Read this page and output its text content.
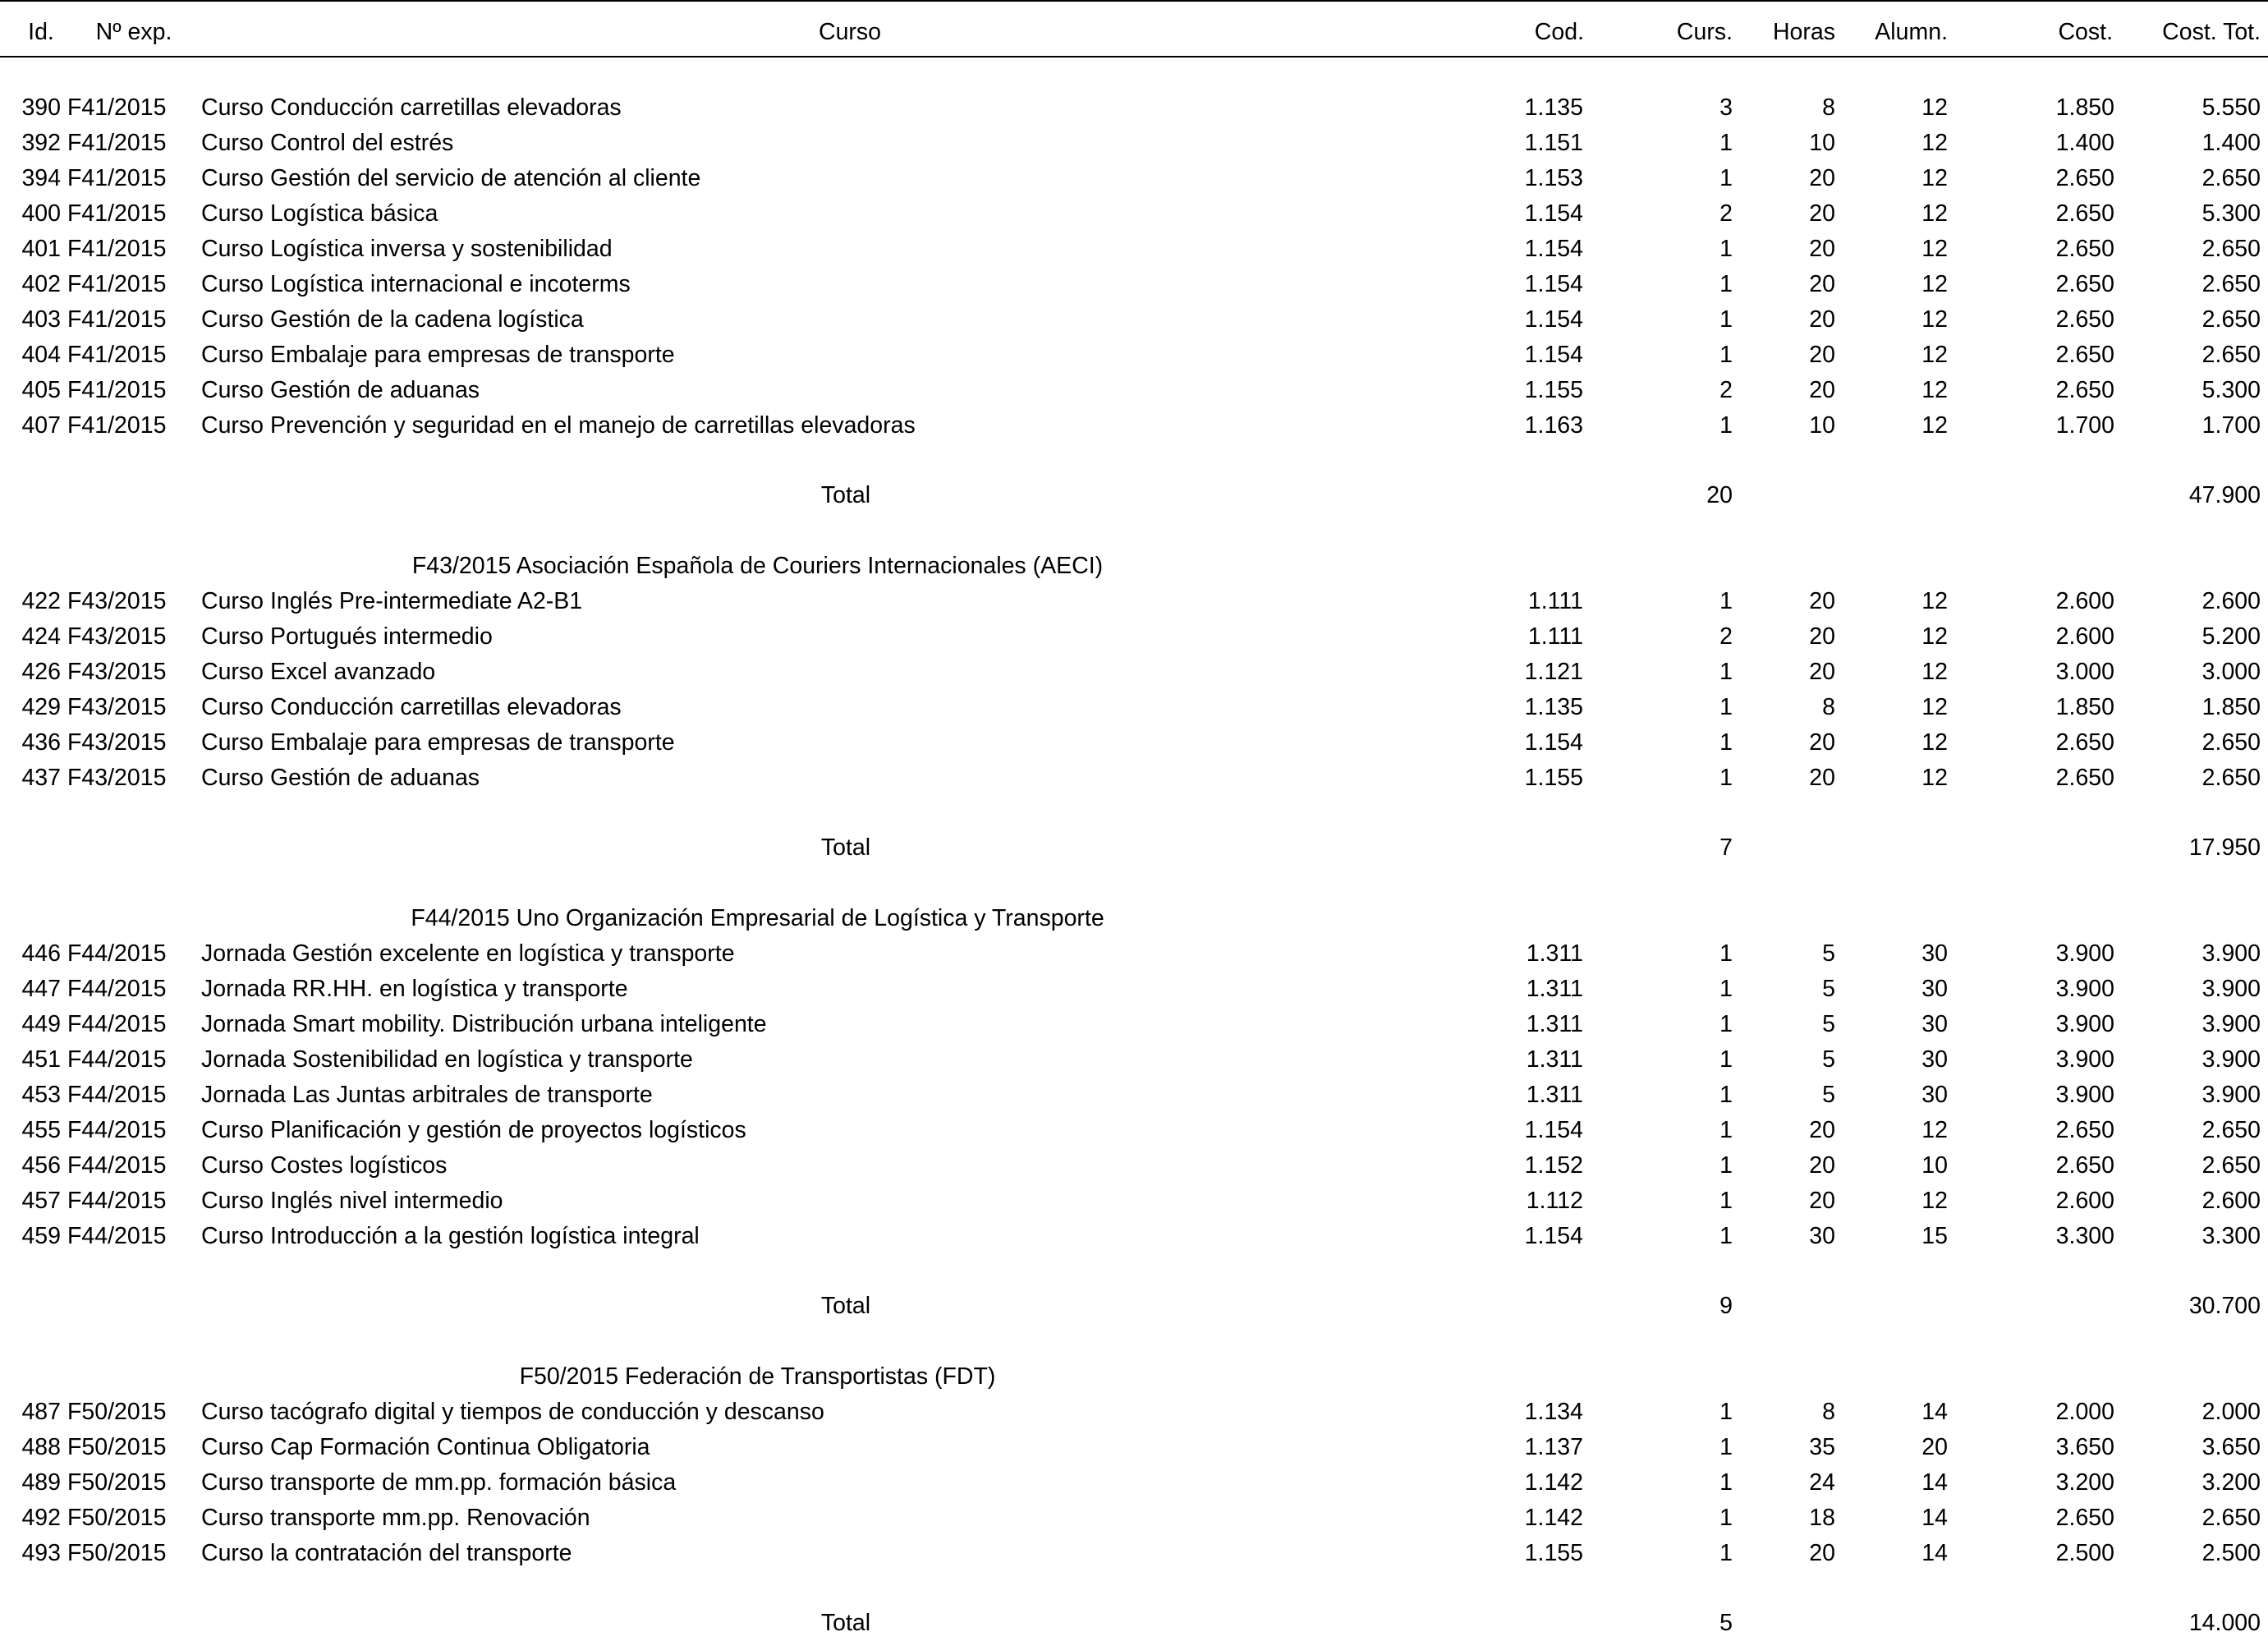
Id.	Nº exp.	Curso	Cod.	Curs.	Horas	Alumn.	Cost.	Cost. Tot.
390 F41/2015	Curso Conducción carretillas elevadoras	1.135	3	8	12	1.850	5.550
392 F41/2015	Curso Control del estrés	1.151	1	10	12	1.400	1.400
394 F41/2015	Curso Gestión del servicio de atención al cliente	1.153	1	20	12	2.650	2.650
400 F41/2015	Curso Logística básica	1.154	2	20	12	2.650	5.300
401 F41/2015	Curso Logística inversa y sostenibilidad	1.154	1	20	12	2.650	2.650
402 F41/2015	Curso Logística internacional e incoterms	1.154	1	20	12	2.650	2.650
403 F41/2015	Curso Gestión de la cadena logística	1.154	1	20	12	2.650	2.650
404 F41/2015	Curso Embalaje para empresas de transporte	1.154	1	20	12	2.650	2.650
405 F41/2015	Curso Gestión de aduanas	1.155	2	20	12	2.650	5.300
407 F41/2015	Curso Prevención y seguridad en el manejo de carretillas elevadoras	1.163	1	10	12	1.700	1.700
Total	20	47.900
F43/2015 Asociación Española de Couriers Internacionales (AECI)
422 F43/2015	Curso Inglés Pre-intermediate A2-B1	1.111	1	20	12	2.600	2.600
424 F43/2015	Curso Portugués intermedio	1.111	2	20	12	2.600	5.200
426 F43/2015	Curso Excel avanzado	1.121	1	20	12	3.000	3.000
429 F43/2015	Curso Conducción carretillas elevadoras	1.135	1	8	12	1.850	1.850
436 F43/2015	Curso Embalaje para empresas de transporte	1.154	1	20	12	2.650	2.650
437 F43/2015	Curso Gestión de aduanas	1.155	1	20	12	2.650	2.650
Total	7	17.950
F44/2015 Uno Organización Empresarial de Logística y Transporte
446 F44/2015	Jornada Gestión excelente en logística y transporte	1.311	1	5	30	3.900	3.900
447 F44/2015	Jornada RR.HH. en logística y transporte	1.311	1	5	30	3.900	3.900
449 F44/2015	Jornada Smart mobility. Distribución urbana inteligente	1.311	1	5	30	3.900	3.900
451 F44/2015	Jornada Sostenibilidad en logística y transporte	1.311	1	5	30	3.900	3.900
453 F44/2015	Jornada Las Juntas arbitrales de transporte	1.311	1	5	30	3.900	3.900
455 F44/2015	Curso Planificación y gestión de proyectos logísticos	1.154	1	20	12	2.650	2.650
456 F44/2015	Curso Costes logísticos	1.152	1	20	10	2.650	2.650
457 F44/2015	Curso Inglés nivel intermedio	1.112	1	20	12	2.600	2.600
459 F44/2015	Curso Introducción a la gestión logística integral	1.154	1	30	15	3.300	3.300
Total	9	30.700
F50/2015 Federación de Transportistas (FDT)
487 F50/2015	Curso tacógrafo digital y tiempos de conducción y descanso	1.134	1	8	14	2.000	2.000
488 F50/2015	Curso Cap Formación Continua Obligatoria	1.137	1	35	20	3.650	3.650
489 F50/2015	Curso transporte de mm.pp. formación básica	1.142	1	24	14	3.200	3.200
492 F50/2015	Curso transporte mm.pp. Renovación	1.142	1	18	14	2.650	2.650
493 F50/2015	Curso la contratación del transporte	1.155	1	20	14	2.500	2.500
Total	5	14.000
